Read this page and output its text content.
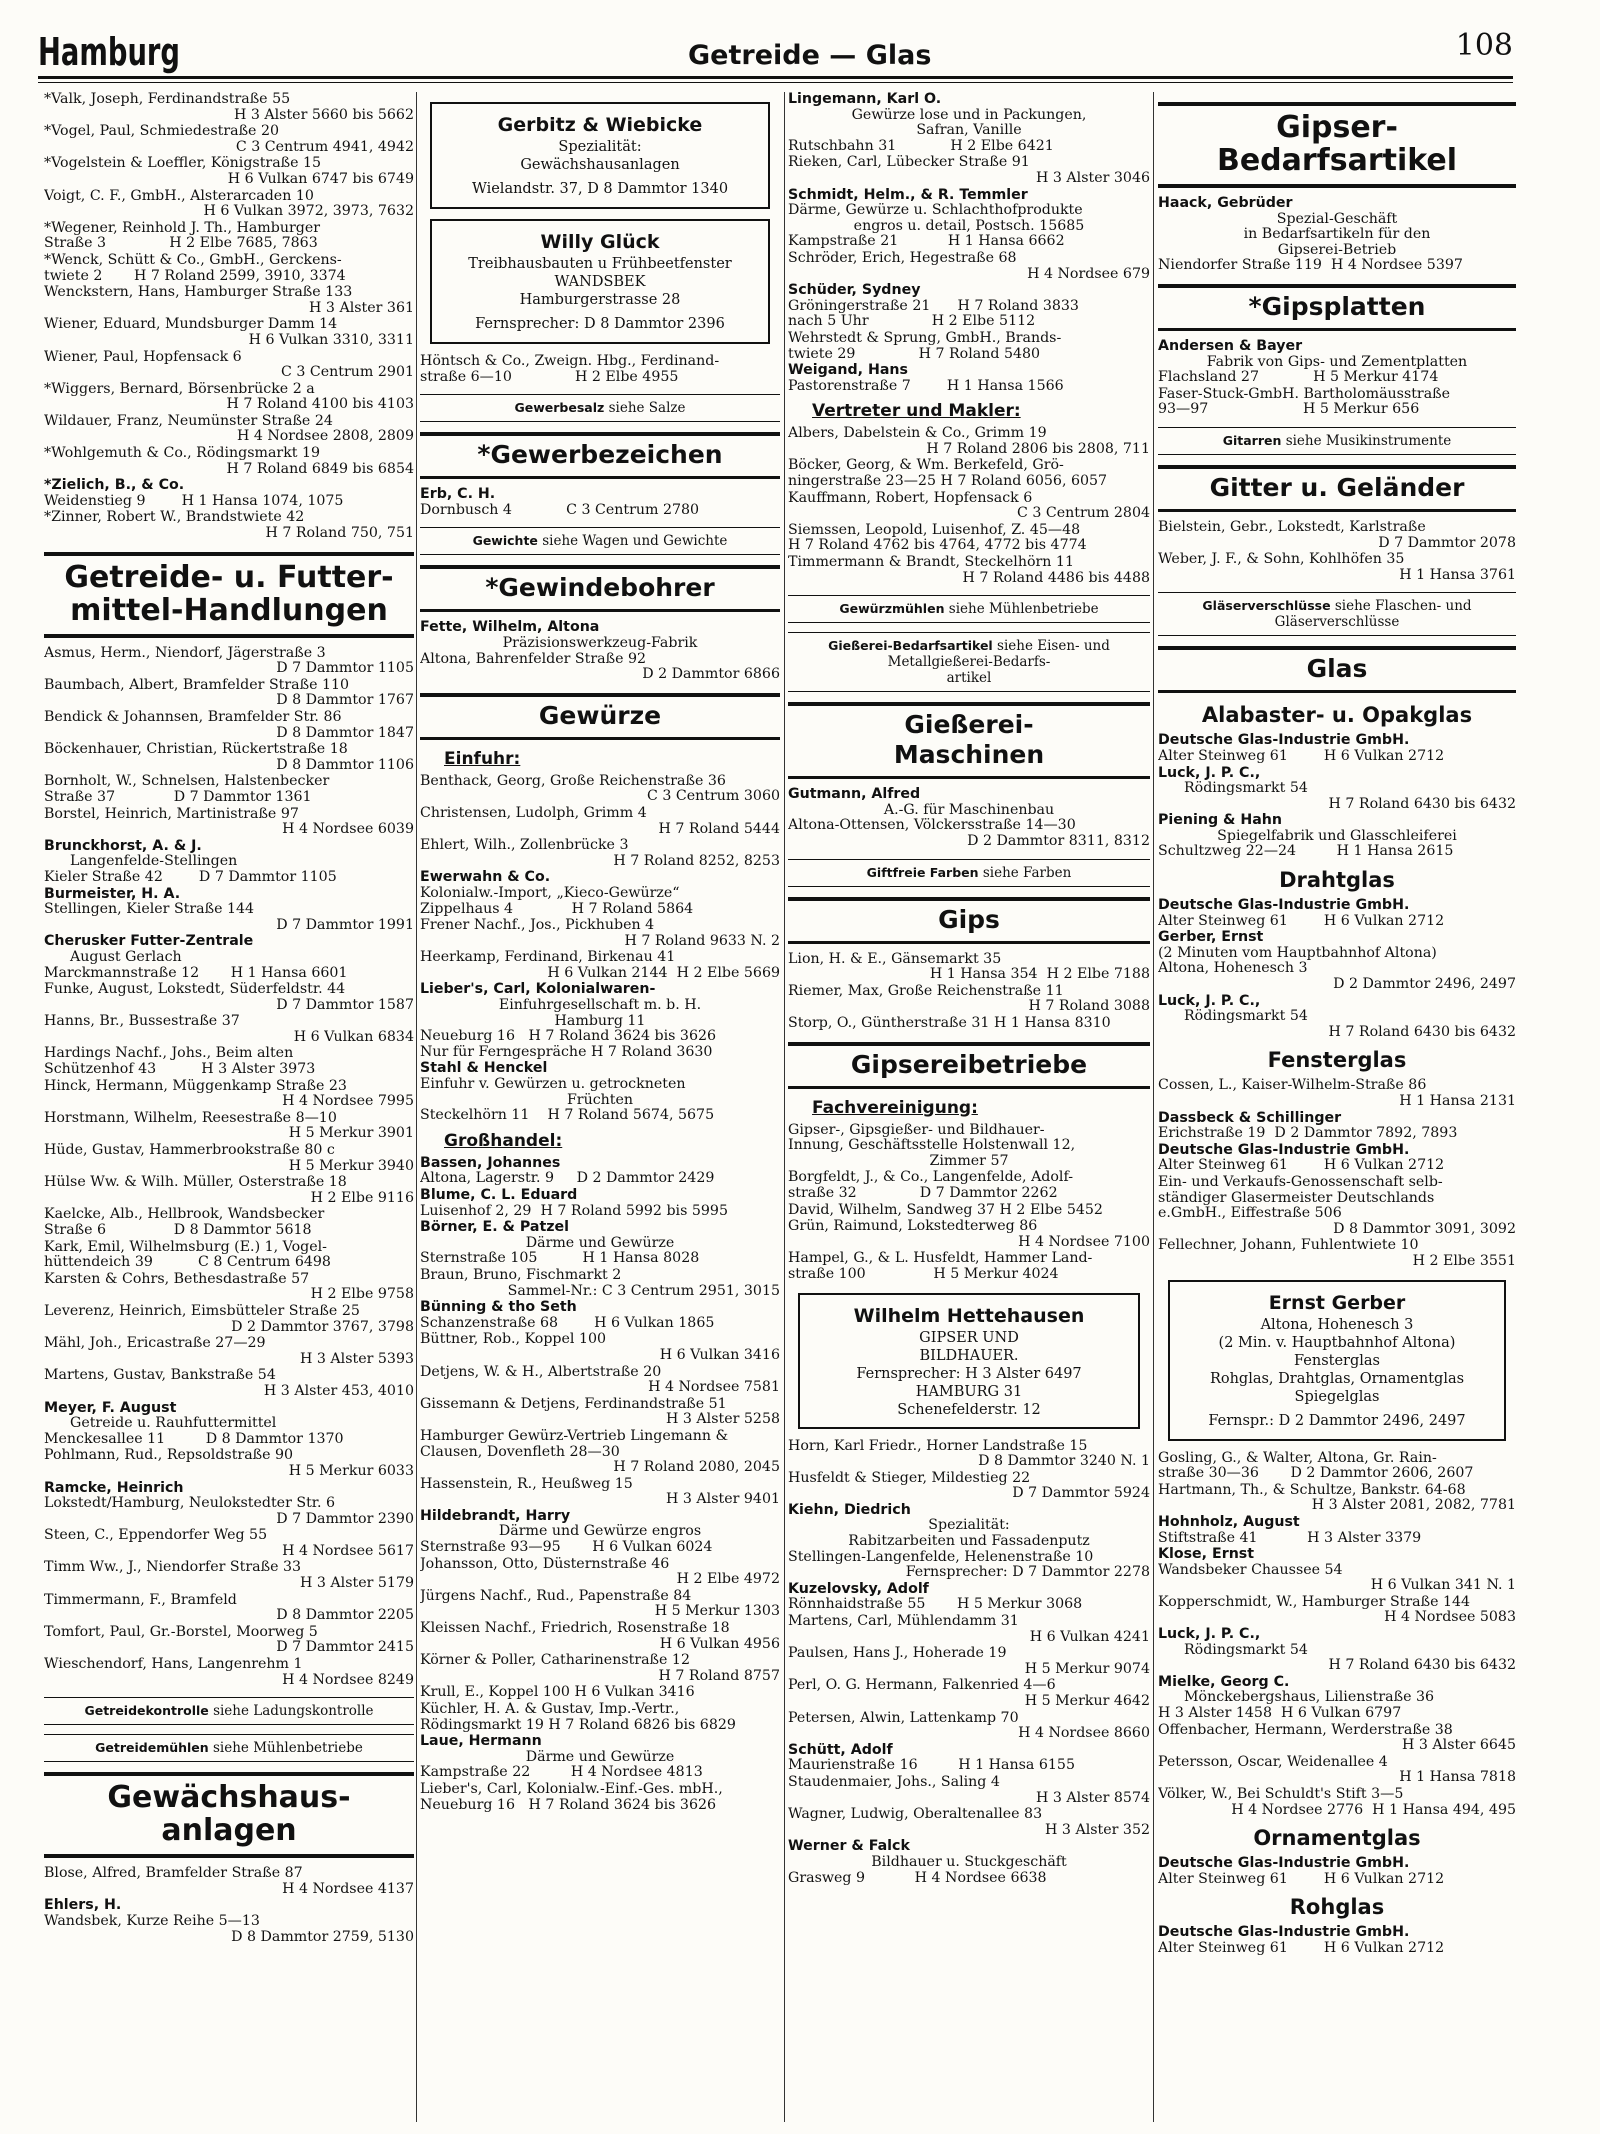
Hamburg	Getreide — Glas	108
*Valk, Joseph, Ferdinandstraße 55
H 3 Alster 5660 bis 5662
*Vogel, Paul, Schmiedestraße 20
C 3 Centrum 4941, 4942
*Vogelstein & Loeffler, Königstraße 15
H 6 Vulkan 6747 bis 6749
Voigt, C. F., GmbH., Alsterarcaden 10
H 6 Vulkan 3972, 3973, 7632
*Wegener, Reinhold J. Th., Hamburger
Straße 3              H 2 Elbe 7685, 7863
*Wenck, Schütt & Co., GmbH., Gerckens-
twiete 2       H 7 Roland 2599, 3910, 3374
Wenckstern, Hans, Hamburger Straße 133
H 3 Alster 361
Wiener, Eduard, Mundsburger Damm 14
H 6 Vulkan 3310, 3311
Wiener, Paul, Hopfensack 6
C 3 Centrum 2901
*Wiggers, Bernard, Börsenbrücke 2 a
H 7 Roland 4100 bis 4103
Wildauer, Franz, Neumünster Straße 24
H 4 Nordsee 2808, 2809
*Wohlgemuth & Co., Rödingsmarkt 19
H 7 Roland 6849 bis 6854
*Zielich, B., & Co.
Weidenstieg 9        H 1 Hansa 1074, 1075
*Zinner, Robert W., Brandstwiete 42
H 7 Roland 750, 751
Getreide- u. Futter-
mittel-Handlungen
Asmus, Herm., Niendorf, Jägerstraße 3
D 7 Dammtor 1105
Baumbach, Albert, Bramfelder Straße 110
D 8 Dammtor 1767
Bendick & Johannsen, Bramfelder Str. 86
D 8 Dammtor 1847
Böckenhauer, Christian, Rückertstraße 18
D 8 Dammtor 1106
Bornholt, W., Schnelsen, Halstenbecker
Straße 37             D 7 Dammtor 1361
Borstel, Heinrich, Martinistraße 97
H 4 Nordsee 6039
Brunckhorst, A. & J.
Langenfelde-Stellingen
Kieler Straße 42        D 7 Dammtor 1105
Burmeister, H. A.
Stellingen, Kieler Straße 144
D 7 Dammtor 1991
Cherusker Futter-Zentrale
August Gerlach
Marckmannstraße 12       H 1 Hansa 6601
Funke, August, Lokstedt, Süderfeldstr. 44
D 7 Dammtor 1587
Hanns, Br., Bussestraße 37
H 6 Vulkan 6834
Hardings Nachf., Johs., Beim alten
Schützenhof 43          H 3 Alster 3973
Hinck, Hermann, Müggenkamp Straße 23
H 4 Nordsee 7995
Horstmann, Wilhelm, Reesestraße 8—10
H 5 Merkur 3901
Hüde, Gustav, Hammerbrookstraße 80 c
H 5 Merkur 3940
Hülse Ww. & Wilh. Müller, Osterstraße 18
H 2 Elbe 9116
Kaelcke, Alb., Hellbrook, Wandsbecker
Straße 6               D 8 Dammtor 5618
Kark, Emil, Wilhelmsburg (E.) 1, Vogel-
hüttendeich 39          C 8 Centrum 6498
Karsten & Cohrs, Bethesdastraße 57
H 2 Elbe 9758
Leverenz, Heinrich, Eimsbütteler Straße 25
D 2 Dammtor 3767, 3798
Mähl, Joh., Ericastraße 27—29
H 3 Alster 5393
Martens, Gustav, Bankstraße 54
H 3 Alster 453, 4010
Meyer, F. August
Getreide u. Rauhfuttermittel
Menckesallee 11         D 8 Dammtor 1370
Pohlmann, Rud., Repsoldstraße 90
H 5 Merkur 6033
Ramcke, Heinrich
Lokstedt/Hamburg, Neulokstedter Str. 6
D 7 Dammtor 2390
Steen, C., Eppendorfer Weg 55
H 4 Nordsee 5617
Timm Ww., J., Niendorfer Straße 33
H 3 Alster 5179
Timmermann, F., Bramfeld
D 8 Dammtor 2205
Tomfort, Paul, Gr.-Borstel, Moorweg 5
D 7 Dammtor 2415
Wieschendorf, Hans, Langenrehm 1
H 4 Nordsee 8249
Getreidekontrolle siehe Ladungskontrolle
Getreidemühlen siehe Mühlenbetriebe
Gewächshaus-
anlagen
Blose, Alfred, Bramfelder Straße 87
H 4 Nordsee 4137
Ehlers, H.
Wandsbek, Kurze Reihe 5—13
D 8 Dammtor 2759, 5130
Gerbitz & Wiebicke
Spezialität:
Gewächshausanlagen
Wielandstr. 37, D 8 Dammtor 1340
Willy Glück
Treibhausbauten u Frühbeetfenster
WANDSBEK
Hamburgerstrasse 28
Fernsprecher: D 8 Dammtor 2396
Höntsch & Co., Zweign. Hbg., Ferdinand-
straße 6—10              H 2 Elbe 4955
Gewerbesalz siehe Salze
*Gewerbezeichen
Erb, C. H.
Dornbusch 4            C 3 Centrum 2780
Gewichte siehe Wagen und Gewichte
*Gewindebohrer
Fette, Wilhelm, Altona
Präzisionswerkzeug-Fabrik
Altona, Bahrenfelder Straße 92
D 2 Dammtor 6866
Gewürze
Einfuhr:
Benthack, Georg, Große Reichenstraße 36
C 3 Centrum 3060
Christensen, Ludolph, Grimm 4
H 7 Roland 5444
Ehlert, Wilh., Zollenbrücke 3
H 7 Roland 8252, 8253
Ewerwahn & Co.
Kolonialw.-Import, „Kieco-Gewürze“
Zippelhaus 4             H 7 Roland 5864
Frener Nachf., Jos., Pickhuben 4
H 7 Roland 9633 N. 2
Heerkamp, Ferdinand, Birkenau 41
H 6 Vulkan 2144  H 2 Elbe 5669
Lieber's, Carl, Kolonialwaren-
Einfuhrgesellschaft m. b. H.
Hamburg 11
Neueburg 16   H 7 Roland 3624 bis 3626
Nur für Ferngespräche H 7 Roland 3630
Stahl & Henckel
Einfuhr v. Gewürzen u. getrockneten
Früchten
Steckelhörn 11    H 7 Roland 5674, 5675
Großhandel:
Bassen, Johannes
Altona, Lagerstr. 9     D 2 Dammtor 2429
Blume, C. L. Eduard
Luisenhof 2, 29  H 7 Roland 5992 bis 5995
Börner, E. & Patzel
Därme und Gewürze
Sternstraße 105          H 1 Hansa 8028
Braun, Bruno, Fischmarkt 2
Sammel-Nr.: C 3 Centrum 2951, 3015
Bünning & tho Seth
Schanzenstraße 68        H 6 Vulkan 1865
Büttner, Rob., Koppel 100
H 6 Vulkan 3416
Detjens, W. & H., Albertstraße 20
H 4 Nordsee 7581
Gissemann & Detjens, Ferdinandstraße 51
H 3 Alster 5258
Hamburger Gewürz-Vertrieb Lingemann &
Clausen, Dovenfleth 28—30
H 7 Roland 2080, 2045
Hassenstein, R., Heußweg 15
H 3 Alster 9401
Hildebrandt, Harry
Därme und Gewürze engros
Sternstraße 93—95       H 6 Vulkan 6024
Johansson, Otto, Düsternstraße 46
H 2 Elbe 4972
Jürgens Nachf., Rud., Papenstraße 84
H 5 Merkur 1303
Kleissen Nachf., Friedrich, Rosenstraße 18
H 6 Vulkan 4956
Körner & Poller, Catharinenstraße 12
H 7 Roland 8757
Krull, E., Koppel 100 H 6 Vulkan 3416
Küchler, H. A. & Gustav, Imp.-Vertr.,
Rödingsmarkt 19 H 7 Roland 6826 bis 6829
Laue, Hermann
Därme und Gewürze
Kampstraße 22         H 4 Nordsee 4813
Lieber's, Carl, Kolonialw.-Einf.-Ges. mbH.,
Neueburg 16   H 7 Roland 3624 bis 3626
Lingemann, Karl O.
Gewürze lose und in Packungen,
Safran, Vanille
Rutschbahn 31            H 2 Elbe 6421
Rieken, Carl, Lübecker Straße 91
H 3 Alster 3046
Schmidt, Helm., & R. Temmler
Därme, Gewürze u. Schlachthofprodukte
engros u. detail, Postsch. 15685
Kampstraße 21           H 1 Hansa 6662
Schröder, Erich, Hegestraße 68
H 4 Nordsee 679
Schüder, Sydney
Gröningerstraße 21      H 7 Roland 3833
nach 5 Uhr              H 2 Elbe 5112
Wehrstedt & Sprung, GmbH., Brands-
twiete 29              H 7 Roland 5480
Weigand, Hans
Pastorenstraße 7        H 1 Hansa 1566
Vertreter und Makler:
Albers, Dabelstein & Co., Grimm 19
H 7 Roland 2806 bis 2808, 711
Böcker, Georg, & Wm. Berkefeld, Grö-
ningerstraße 23—25 H 7 Roland 6056, 6057
Kauffmann, Robert, Hopfensack 6
C 3 Centrum 2804
Siemssen, Leopold, Luisenhof, Z. 45—48
H 7 Roland 4762 bis 4764, 4772 bis 4774
Timmermann & Brandt, Steckelhörn 11
H 7 Roland 4486 bis 4488
Gewürzmühlen siehe Mühlenbetriebe
Gießerei-Bedarfsartikel siehe Eisen- und Metallgießerei-Bedarfs-
artikel
Gießerei-
Maschinen
Gutmann, Alfred
A.-G. für Maschinenbau
Altona-Ottensen, Völckersstraße 14—30
D 2 Dammtor 8311, 8312
Giftfreie Farben siehe Farben
Gips
Lion, H. & E., Gänsemarkt 35
H 1 Hansa 354  H 2 Elbe 7188
Riemer, Max, Große Reichenstraße 11
H 7 Roland 3088
Storp, O., Güntherstraße 31 H 1 Hansa 8310
Gipsereibetriebe
Fachvereinigung:
Gipser-, Gipsgießer- und Bildhauer-
Innung, Geschäftsstelle Holstenwall 12,
Zimmer 57
Borgfeldt, J., & Co., Langenfelde, Adolf-
straße 32              D 7 Dammtor 2262
David, Wilhelm, Sandweg 37 H 2 Elbe 5452
Grün, Raimund, Lokstedterweg 86
H 4 Nordsee 7100
Hampel, G., & L. Husfeldt, Hammer Land-
straße 100               H 5 Merkur 4024
Wilhelm Hettehausen
GIPSER UND
BILDHAUER.
Fernsprecher: H 3 Alster 6497
HAMBURG 31
Schenefelderstr. 12
Horn, Karl Friedr., Horner Landstraße 15
D 8 Dammtor 3240 N. 1
Husfeldt & Stieger, Mildestieg 22
D 7 Dammtor 5924
Kiehn, Diedrich
Spezialität:
Rabitzarbeiten und Fassadenputz
Stellingen-Langenfelde, Helenenstraße 10
Fernsprecher: D 7 Dammtor 2278
Kuzelovsky, Adolf
Rönnhaidstraße 55       H 5 Merkur 3068
Martens, Carl, Mühlendamm 31
H 6 Vulkan 4241
Paulsen, Hans J., Hoherade 19
H 5 Merkur 9074
Perl, O. G. Hermann, Falkenried 4—6
H 5 Merkur 4642
Petersen, Alwin, Lattenkamp 70
H 4 Nordsee 8660
Schütt, Adolf
Maurienstraße 16         H 1 Hansa 6155
Staudenmaier, Johs., Saling 4
H 3 Alster 8574
Wagner, Ludwig, Oberaltenallee 83
H 3 Alster 352
Werner & Falck
Bildhauer u. Stuckgeschäft
Grasweg 9           H 4 Nordsee 6638
Gipser-
Bedarfsartikel
Haack, Gebrüder
Spezial-Geschäft
in Bedarfsartikeln für den
Gipserei-Betrieb
Niendorfer Straße 119  H 4 Nordsee 5397
*Gipsplatten
Andersen & Bayer
Fabrik von Gips- und Zementplatten
Flachsland 27            H 5 Merkur 4174
Faser-Stuck-GmbH. Bartholomäusstraße
93—97                     H 5 Merkur 656
Gitarren siehe Musikinstrumente
Gitter u. Geländer
Bielstein, Gebr., Lokstedt, Karlstraße
D 7 Dammtor 2078
Weber, J. F., & Sohn, Kohlhöfen 35
H 1 Hansa 3761
Gläserverschlüsse siehe Flaschen- und Gläserverschlüsse
Glas
Alabaster- u. Opakglas
Deutsche Glas-Industrie GmbH.
Alter Steinweg 61        H 6 Vulkan 2712
Luck, J. P. C.,
Rödingsmarkt 54
H 7 Roland 6430 bis 6432
Piening & Hahn
Spiegelfabrik und Glasschleiferei
Schultzweg 22—24         H 1 Hansa 2615
Drahtglas
Deutsche Glas-Industrie GmbH.
Alter Steinweg 61        H 6 Vulkan 2712
Gerber, Ernst
(2 Minuten vom Hauptbahnhof Altona)
Altona, Hohenesch 3
D 2 Dammtor 2496, 2497
Luck, J. P. C.,
Rödingsmarkt 54
H 7 Roland 6430 bis 6432
Fensterglas
Cossen, L., Kaiser-Wilhelm-Straße 86
H 1 Hansa 2131
Dassbeck & Schillinger
Erichstraße 19  D 2 Dammtor 7892, 7893
Deutsche Glas-Industrie GmbH.
Alter Steinweg 61        H 6 Vulkan 2712
Ein- und Verkaufs-Genossenschaft selb-
ständiger Glasermeister Deutschlands
e.GmbH., Eiffestraße 506
D 8 Dammtor 3091, 3092
Fellechner, Johann, Fuhlentwiete 10
H 2 Elbe 3551
Ernst Gerber
Altona, Hohenesch 3
(2 Min. v. Hauptbahnhof Altona)
Fensterglas
Rohglas, Drahtglas, Ornamentglas
Spiegelglas
Fernspr.: D 2 Dammtor 2496, 2497
Gosling, G., & Walter, Altona, Gr. Rain-
straße 30—36       D 2 Dammtor 2606, 2607
Hartmann, Th., & Schultze, Bankstr. 64-68
H 3 Alster 2081, 2082, 7781
Hohnholz, August
Stiftstraße 41           H 3 Alster 3379
Klose, Ernst
Wandsbeker Chaussee 54
H 6 Vulkan 341 N. 1
Kopperschmidt, W., Hamburger Straße 144
H 4 Nordsee 5083
Luck, J. P. C.,
Rödingsmarkt 54
H 7 Roland 6430 bis 6432
Mielke, Georg C.
Mönckebergshaus, Lilienstraße 36
H 3 Alster 1458  H 6 Vulkan 6797
Offenbacher, Hermann, Werderstraße 38
H 3 Alster 6645
Petersson, Oscar, Weidenallee 4
H 1 Hansa 7818
Völker, W., Bei Schuldt's Stift 3—5
H 4 Nordsee 2776  H 1 Hansa 494, 495
Ornamentglas
Deutsche Glas-Industrie GmbH.
Alter Steinweg 61        H 6 Vulkan 2712
Rohglas
Deutsche Glas-Industrie GmbH.
Alter Steinweg 61        H 6 Vulkan 2712
